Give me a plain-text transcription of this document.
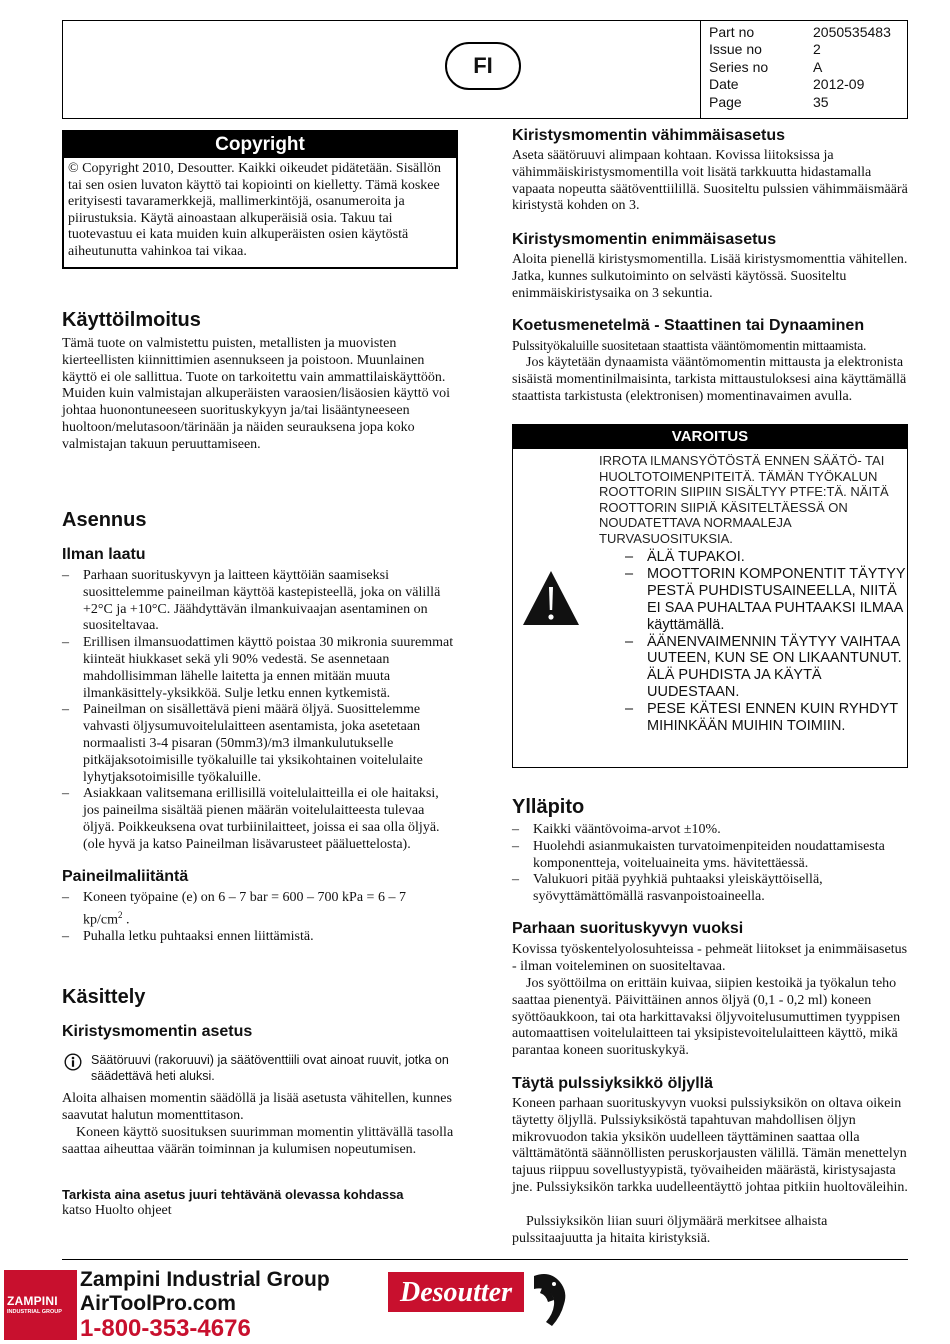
FI
Part no	2050535483
Issue no	2
Series no	A
Date	2012-09
Page	35
Copyright
© Copyright 2010, Desoutter. Kaikki oikeudet pidätetään. Sisällön tai sen osien luvaton käyttö tai kopiointi on kielletty. Tämä koskee erityisesti tavaramerkkejä, mallimerkintöjä, osanumeroita ja piirustuksia. Käytä ainoastaan alkuperäisiä osia. Takuu tai tuotevastuu ei kata muiden kuin alkuperäisten osien käytöstä aiheutunutta vahinkoa tai vikaa.
Käyttöilmoitus

Tämä tuote on valmistettu puisten, metallisten ja muovisten kierteellisten kiinnittimien asennukseen ja poistoon. Muunlainen käyttö ei ole sallittua. Tuote on tarkoitettu vain ammattilaiskäyttöön. Muiden kuin valmistajan alkuperäisten varaosien/lisäosien käyttö voi johtaa huonontuneeseen suorituskykyyn ja/tai lisääntyneeseen huoltoon/melutasoon/tärinään ja näiden seurauksena jopa koko valmistajan takuun peruuttamiseen.

Asennus
Ilman laatu
– Parhaan suorituskyvyn ja laitteen käyttöiän saamiseksi suosittelemme paineilman käyttöä kastepisteellä, joka on välillä +2°C ja +10°C. Jäähdyttävän ilmankuivaajan asentaminen on suositeltavaa.
– Erillisen ilmansuodattimen käyttö poistaa 30 mikronia suuremmat kiinteät hiukkaset sekä yli 90% vedestä. Se asennetaan mahdollisimman lähelle laitetta ja ennen mitään muuta ilmankäsittely-yksikköä. Sulje letku ennen kytkemistä.
– Paineilman on sisällettävä pieni määrä öljyä. Suosittelemme vahvasti öljysumuvoitelulaitteen asentamista, joka asetetaan normaalisti 3-4 pisaran (50mm3)/m3 ilmankulutukselle pitkäjaksotoimisille työkaluille tai yksikohtainen voitelulaite lyhytjaksotoimisille työkaluille.
– Asiakkaan valitsemana erillisillä voitelulaitteilla ei ole haitaksi, jos paineilma sisältää pienen määrän voitelulaitteesta tulevaa öljyä. Poikkeuksena ovat turbiinilaitteet, joissa ei saa olla öljyä. (ole hyvä ja katso Paineilman lisävarusteet pääluettelosta).
Paineilmaliitäntä
– Koneen työpaine (e) on 6 – 7 bar = 600 – 700 kPa = 6 – 7
$kp/cm^2$ .
– Puhalla letku puhtaaksi ennen liittämistä.
Käsittely
Kiristysmomentin asetus
Säätöruuvi (rakoruuvi) ja säätöventtiili ovat ainoat ruuvit, jotka on säädettävä heti aluksi.

Aloita alhaisen momentin säädöllä ja lisää asetusta vähitellen, kunnes saavutat halutun momenttitason.

Koneen käyttö suosituksen suurimman momentin ylittävällä tasolla saattaa aiheuttaa väärän toiminnan ja kulumisen nopeutumisen.

Tarkista aina asetus juuri tehtävänä olevassa kohdassa

katso Huolto ohjeet

Kiristysmomentin vähimmäisasetus

Aseta säätöruuvi alimpaan kohtaan. Kovissa liitoksissa ja vähimmäiskiristysmomentilla voit lisätä tarkkuutta hidastamalla vapaata nopeutta säätöventtiilillä. Suositeltu pulssien vähimmäismäärä kiristystä kohden on 3.

Kiristysmomentin enimmäisasetus

Aloita pienellä kiristysmomentilla. Lisää kiristysmomenttia vähitellen. Jatka, kunnes sulkutoiminto on selvästi käytössä. Suositeltu enimmäiskiristysaika on 3 sekuntia.

Koetusmenetelmä - Staattinen tai Dynaaminen

Pulssityökaluille suositetaan staattista vääntömomentin mittaamista.

Jos käytetään dynaamista vääntömomentin mittausta ja elektronista sisäistä momentinilmaisinta, tarkista mittaustuloksesi aina käyttämällä staattista tarkistusta (elektronisen) momentinavaimen avulla.

VAROITUS
IRROTA ILMANSYÖTÖSTÄ ENNEN SÄÄTÖ- TAI HUOLTOTOIMENPITEITÄ. TÄMÄN TYÖKALUN ROOTTORIN SIIPIIN SISÄLTYY PTFE:TÄ. NÄITÄ ROOTTORIN SIIPIÄ KÄSITELTÄESSÄ ON NOUDATETTAVA NORMAALEJA TURVASUOSITUKSIA.
– ÄLÄ TUPAKOI.
– MOOTTORIN KOMPONENTIT TÄYTYY PESTÄ PUHDISTUSAINEELLA, NIITÄ EI SAA PUHALTAA PUHTAAKSI ILMAA käyttämällä.
– ÄÄNENVAIMENNIN TÄYTYY VAIHTAA UUTEEN, KUN SE ON LIKAANTUNUT. ÄLÄ PUHDISTA JA KÄYTÄ UUDESTAAN.
– PESE KÄTESI ENNEN KUIN RYHDYT MIHINKÄÄN MUIHIN TOIMIIN.
Ylläpito
– Kaikki vääntövoima-arvot ±10%.
– Huolehdi asianmukaisten turvatoimenpiteiden noudattamisesta komponentteja, voiteluaineita yms. hävitettäessä.
– Valukuori pitää pyyhkiä puhtaaksi yleiskäyttöisellä, syövyttämättömällä rasvanpoistoaineella.
Parhaan suorituskyvyn vuoksi

Kovissa työskentelyolosuhteissa - pehmeät liitokset ja enimmäisasetus - ilman voiteleminen on suositeltavaa.

Jos syöttöilma on erittäin kuivaa, siipien kestoikä ja työkalun teho saattaa pienentyä. Päivittäinen annos öljyä (0,1 - 0,2 ml) koneen syöttöaukkoon, tai ota harkittavaksi öljyvoitelusumuttimen tyyppisen automaattisen voitelulaitteen tai yksipistevoitelulaitteen käyttö, mikä parantaa koneen suorituskykyä.

Täytä pulssiyksikkö öljyllä

Koneen parhaan suorituskyvyn vuoksi pulssiyksikön on oltava oikein täytetty öljyllä. Pulssiyksiköstä tapahtuvan mahdollisen öljyn mikrovuodon takia yksikön uudelleen täyttäminen saattaa olla välttämätöntä säännöllisten peruskorjausten välillä. Tämän menettelyn tajuus riippuu sovellustyypistä, työvaiheiden määrästä, kiristysajasta jne. Pulssiyksikön tarkka uudelleentäyttö johtaa pitkiin huoltoväleihin.

Pulssiyksikön liian suuri öljymäärä merkitsee alhaista pulssitaajuutta ja hitaita kiristyksiä.

ZAMPINI
INDUSTRIAL GROUP
Zampini Industrial Group
AirToolPro.com
1-800-353-4676
Desoutter
